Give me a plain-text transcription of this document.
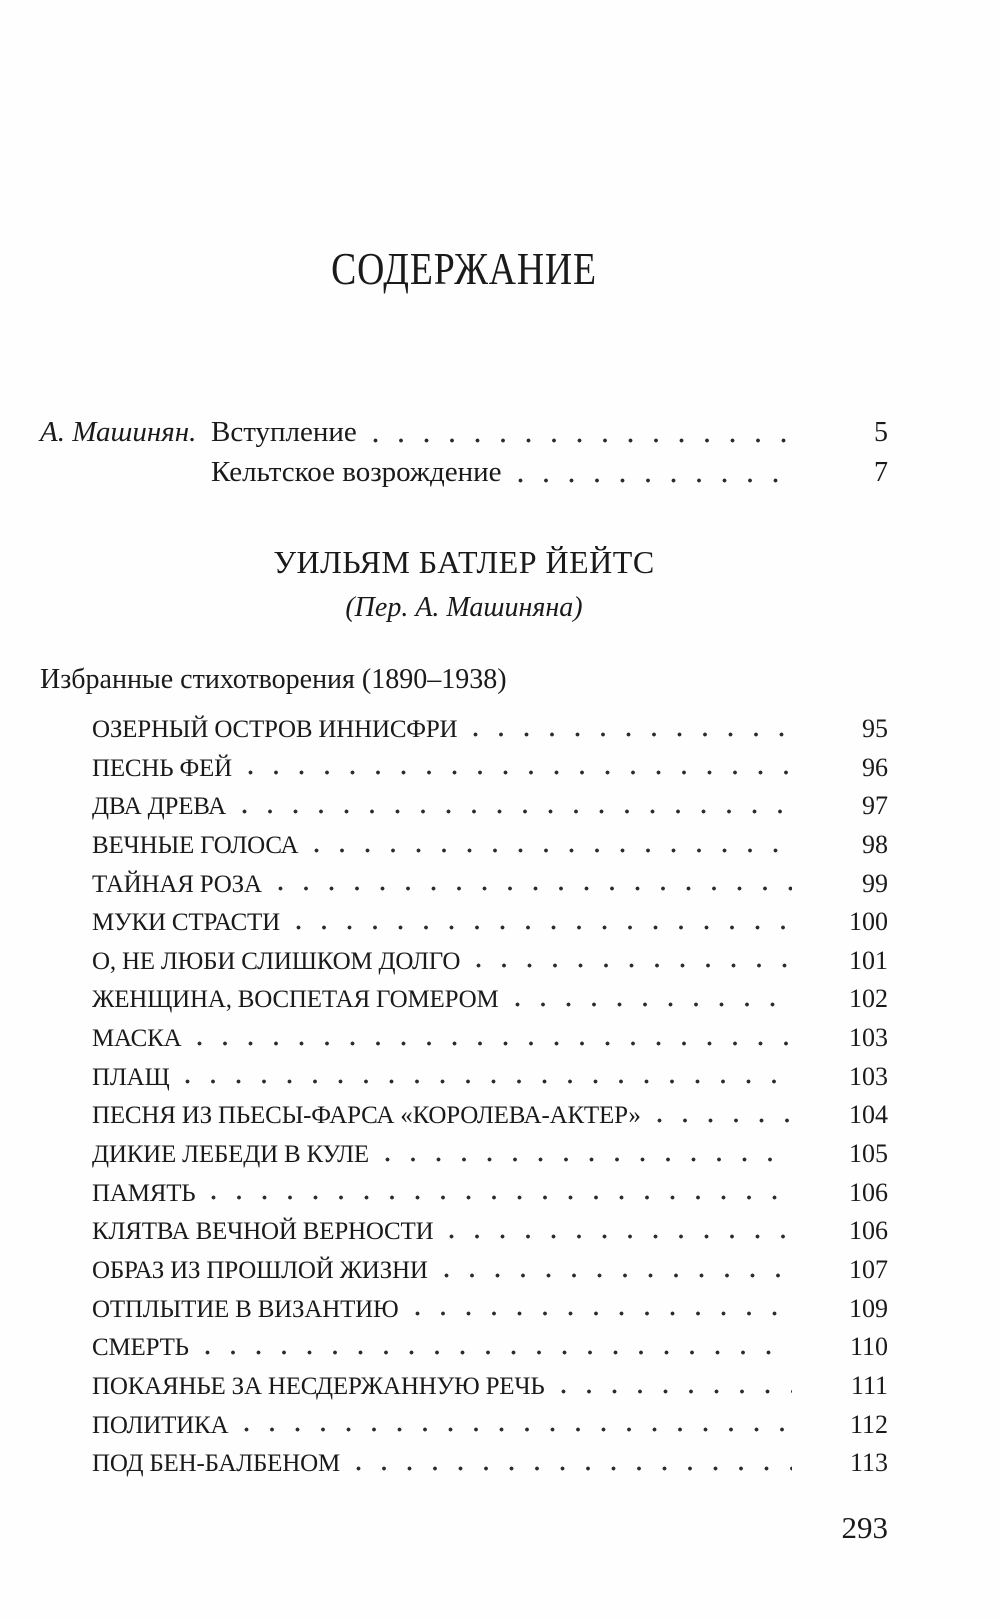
СОДЕРЖАНИЕ
А. Машинян. Вступление	5
Кельтское возрождение	7
УИЛЬЯМ БАТЛЕР ЙЕЙТС
(Пер. А. Машиняна)
Избранные стихотворения (1890–1938)
ОЗЕРНЫЙ ОСТРОВ ИННИСФРИ	95
ПЕСНЬ ФЕЙ	96
ДВА ДРЕВА	97
ВЕЧНЫЕ ГОЛОСА	98
ТАЙНАЯ РОЗА	99
МУКИ СТРАСТИ	100
О, НЕ ЛЮБИ СЛИШКОМ ДОЛГО	101
ЖЕНЩИНА, ВОСПЕТАЯ ГОМЕРОМ	102
МАСКА	103
ПЛАЩ	103
ПЕСНЯ ИЗ ПЬЕСЫ-ФАРСА «КОРОЛЕВА-АКТЕР»	104
ДИКИЕ ЛЕБЕДИ В КУЛЕ	105
ПАМЯТЬ	106
КЛЯТВА ВЕЧНОЙ ВЕРНОСТИ	106
ОБРАЗ ИЗ ПРОШЛОЙ ЖИЗНИ	107
ОТПЛЫТИЕ В ВИЗАНТИЮ	109
СМЕРТЬ	110
ПОКАЯНЬЕ ЗА НЕСДЕРЖАННУЮ РЕЧЬ	111
ПОЛИТИКА	112
ПОД БЕН-БАЛБЕНОМ	113
293
